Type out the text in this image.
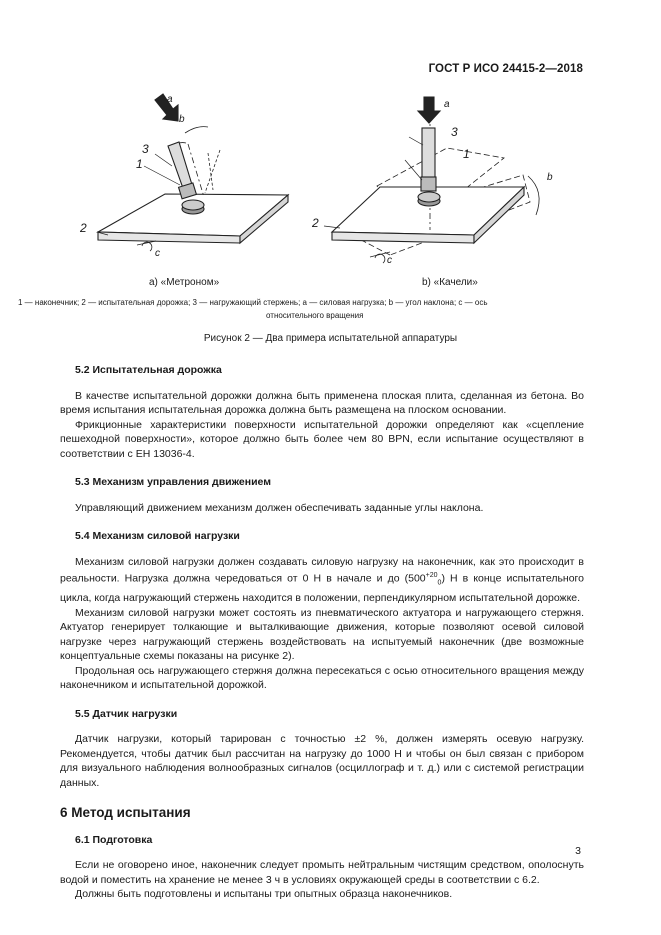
ГОСТ Р ИСО 24415-2—2018
a
b
3
1
2
c
a
3
1
b
2
c
a) «Метроном»	b) «Качели»
1 — наконечник; 2 — испытательная дорожка; 3 — нагружающий стержень; a — силовая нагрузка; b — угол наклона; c — ось
относительного вращения
Рисунок 2 — Два примера испытательной аппаратуры
5.2 Испытательная дорожка

В качестве испытательной дорожки должна быть применена плоская плита, сделанная из бетона. Во время испытания испытательная дорожка должна быть размещена на плоском основании.

Фрикционные характеристики поверхности испытательной дорожки определяют как «сцепление пешеходной поверхности», которое должно быть более чем 80 BPN, если испытание осуществляют в соответствии с ЕН 13036-4.

5.3 Механизм управления движением

Управляющий движением механизм должен обеспечивать заданные углы наклона.

5.4 Механизм силовой нагрузки

Механизм силовой нагрузки должен создавать силовую нагрузку на наконечник, как это происходит в реальности. Нагрузка должна чередоваться от 0 Н в начале и до $(500^{+20}_0)$ Н в конце испытательного цикла, когда нагружающий стержень находится в положении, перпендикулярном испытательной дорожке.

Механизм силовой нагрузки может состоять из пневматического актуатора и нагружающего стержня. Актуатор генерирует толкающие и выталкивающие движения, которые позволяют осевой силовой нагрузке через нагружающий стержень воздействовать на испытуемый наконечник (две возможные концептуальные схемы показаны на рисунке 2).

Продольная ось нагружающего стержня должна пересекаться с осью относительного вращения между наконечником и испытательной дорожкой.

5.5 Датчик нагрузки

Датчик нагрузки, который тарирован с точностью ±2 %, должен измерять осевую нагрузку. Рекомендуется, чтобы датчик был рассчитан на нагрузку до 1000 Н и чтобы он был связан с прибором для визуального наблюдения волнообразных сигналов (осциллограф и т. д.) или с системой регистрации данных.

6 Метод испытания
6.1 Подготовка

Если не оговорено иное, наконечник следует промыть нейтральным чистящим средством, ополоснуть водой и поместить на хранение не менее 3 ч в условиях окружающей среды в соответствии с 6.2.

Должны быть подготовлены и испытаны три опытных образца наконечников.

3
